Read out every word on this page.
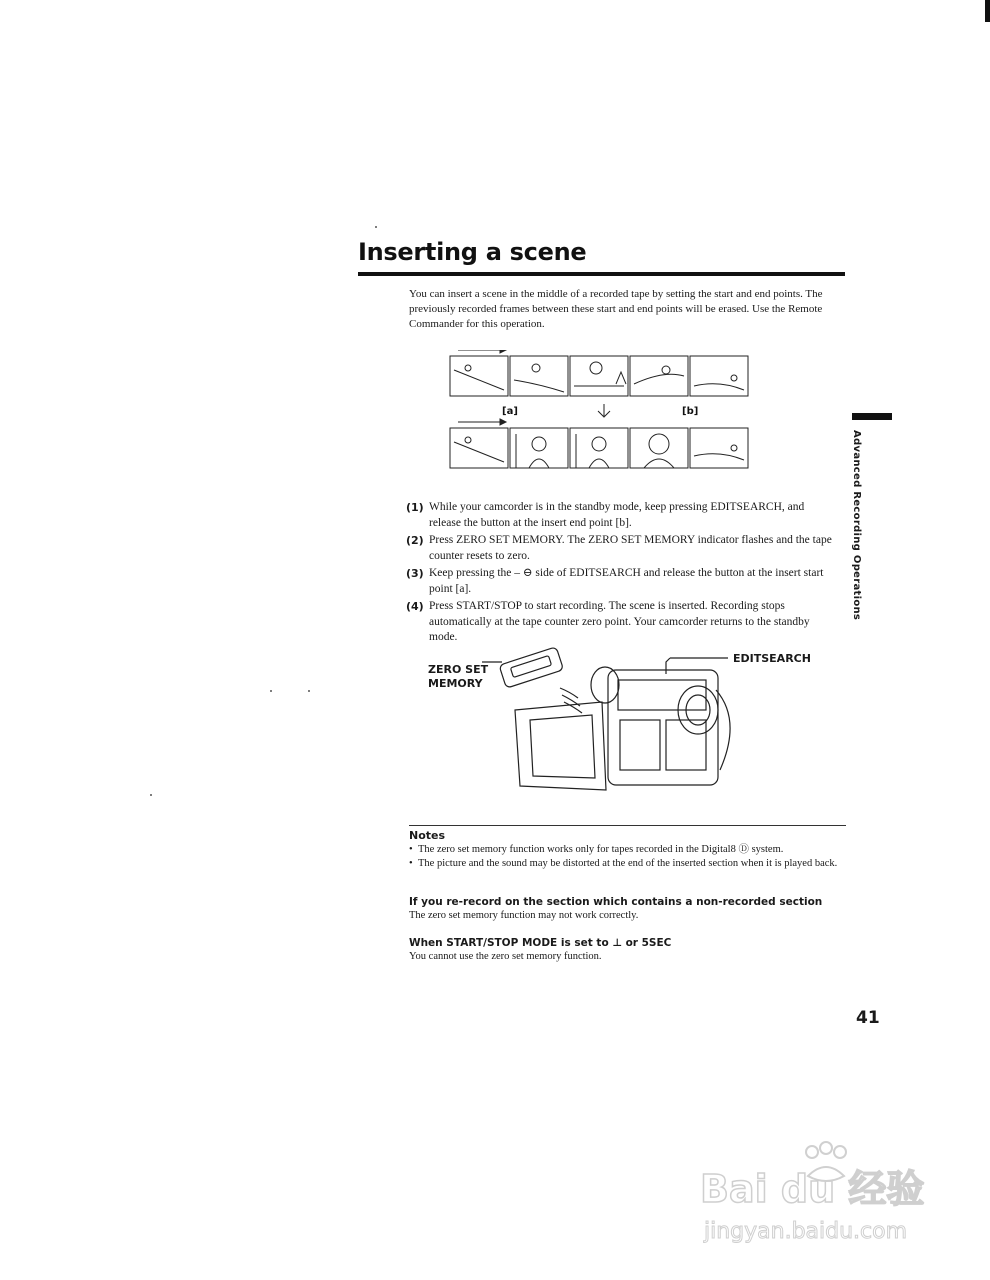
Inserting a scene
You can insert a scene in the middle of a recorded tape by setting the start and end points. The previously recorded frames between these start and end points will be erased. Use the Remote Commander for this operation.
[a]	[b]
(1) While your camcorder is in the standby mode, keep pressing EDITSEARCH, and release the button at the insert end point [b].
(2) Press ZERO SET MEMORY. The ZERO SET MEMORY indicator flashes and the tape counter resets to zero.
(3) Keep pressing the – ⊖ side of EDITSEARCH and release the button at the insert start point [a].
(4) Press START/STOP to start recording. The scene is inserted. Recording stops automatically at the tape counter zero point. Your camcorder returns to the standby mode.
ZERO SET
MEMORY
EDITSEARCH
Notes
• The zero set memory function works only for tapes recorded in the Digital8 Ⓓ system.
• The picture and the sound may be distorted at the end of the inserted section when it is played back.
If you re-record on the section which contains a non-recorded section
The zero set memory function may not work correctly.
When START/STOP MODE is set to ⊥ or 5SEC
You cannot use the zero set memory function.
Advanced Recording Operations
41
Bai du 经验
jingyan.baidu.com
